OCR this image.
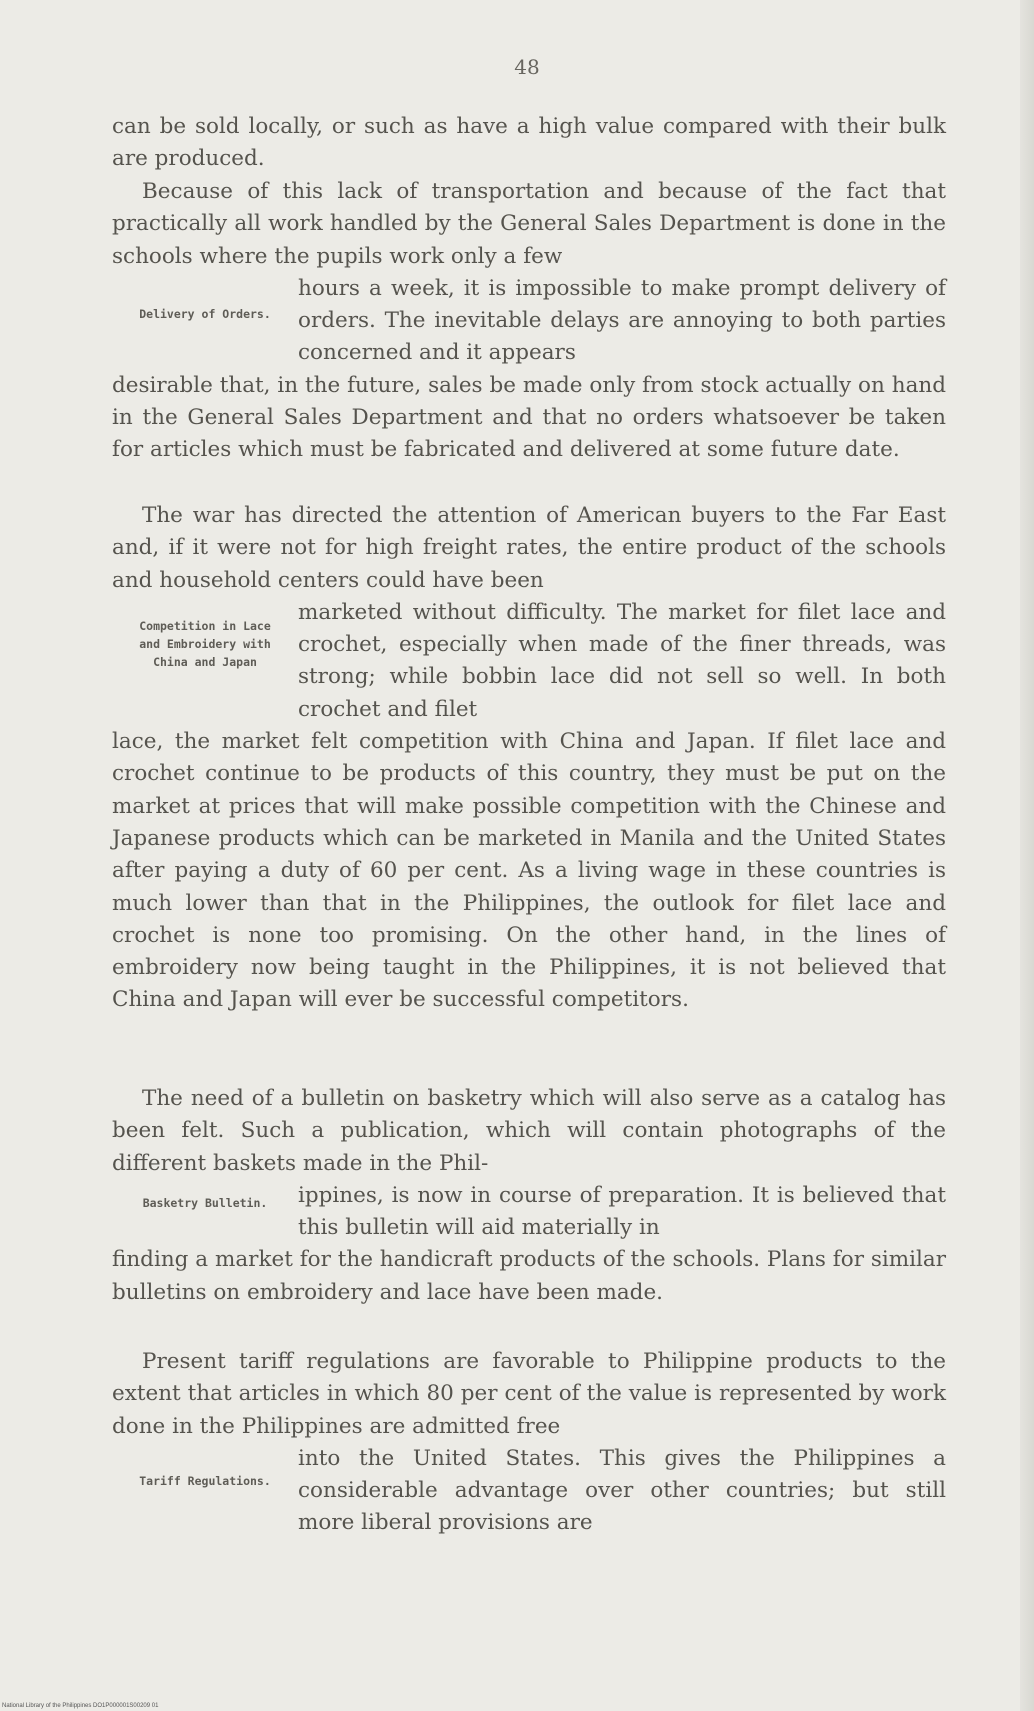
48

can be sold locally, or such as have a high value compared with their bulk are produced.

Because of this lack of transportation and because of the fact that practically all work handled by the General Sales Department is done in the schools where the pupils work only a few

hours a week, it is impossible to make prompt delivery of orders. The inevitable delays are annoying to both parties concerned and it appears

desirable that, in the future, sales be made only from stock actually on hand in the General Sales Department and that no orders whatsoever be taken for articles which must be fabricated and delivered at some future date.

Delivery of Orders.

The war has directed the attention of American buyers to the Far East and, if it were not for high freight rates, the entire product of the schools and household centers could have been

marketed without difficulty. The market for filet lace and crochet, especially when made of the finer threads, was strong; while bobbin lace did not sell so well. In both crochet and filet

lace, the market felt competition with China and Japan. If filet lace and crochet continue to be products of this country, they must be put on the market at prices that will make possible competition with the Chinese and Japanese products which can be marketed in Manila and the United States after paying a duty of 60 per cent. As a living wage in these countries is much lower than that in the Philippines, the outlook for filet lace and crochet is none too promising. On the other hand, in the lines of embroidery now being taught in the Philippines, it is not believed that China and Japan will ever be successful competitors.

Competition in Lace and Embroidery with China and Japan

The need of a bulletin on basketry which will also serve as a catalog has been felt. Such a publication, which will contain photographs of the different baskets made in the Phil-

ippines, is now in course of preparation. It is believed that this bulletin will aid materially in

finding a market for the handicraft products of the schools. Plans for similar bulletins on embroidery and lace have been made.

Basketry Bulletin.

Present tariff regulations are favorable to Philippine products to the extent that articles in which 80 per cent of the value is represented by work done in the Philippines are admitted free

into the United States. This gives the Philippines a considerable advantage over other countries; but still more liberal provisions are

Tariff Regulations.
National Library of the Philippines DO1P000001S00209 01
